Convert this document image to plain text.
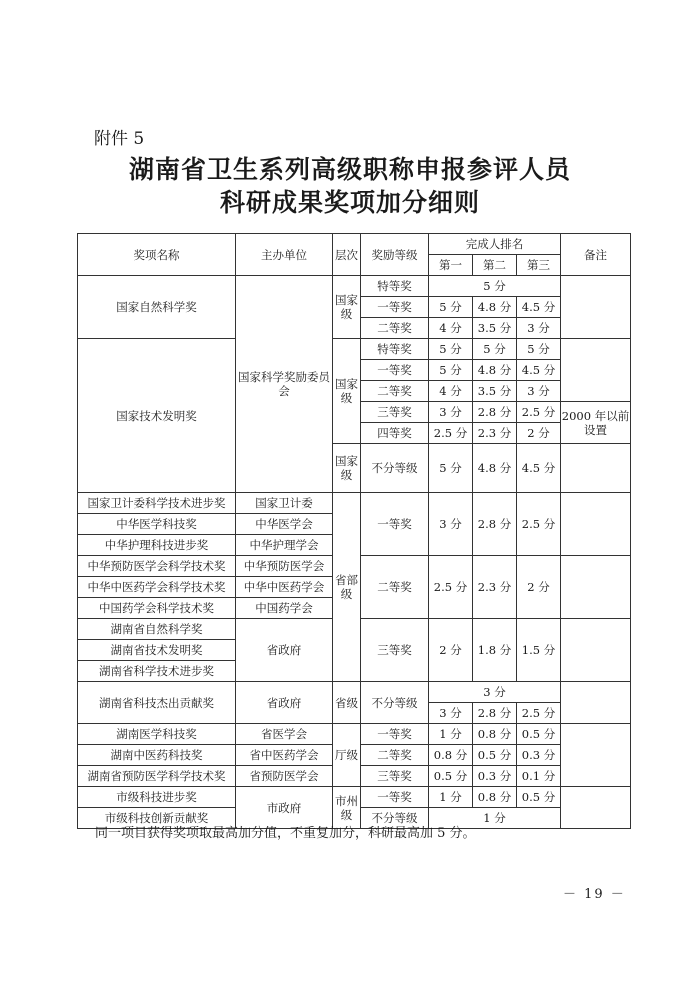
附件 5
湖南省卫生系列高级职称申报参评人员
科研成果奖项加分细则
奖项名称	主办单位	层次	奖励等级	完成人排名			备注
				第一	第二	第三	
国家自然科学奖	国家科学奖励委员会	国家级	特等奖	5 分			
			一等奖	5 分	4.8 分	4.5 分	
			二等奖	4 分	3.5 分	3 分	
国家技术发明奖		国家级	特等奖	5 分	5 分	5 分	
			一等奖	5 分	4.8 分	4.5 分	
			二等奖	4 分	3.5 分	3 分	
			三等奖	3 分	2.8 分	2.5 分	2000 年以前设置
			四等奖	2.5 分	2.3 分	2 分	
		国家级	不分等级	5 分	4.8 分	4.5 分	
国家卫计委科学技术进步奖	国家卫计委	省部级	一等奖	3 分	2.8 分	2.5 分	
中华医学科技奖	中华医学会						
中华护理科技进步奖	中华护理学会						
中华预防医学会科学技术奖	中华预防医学会		二等奖	2.5 分	2.3 分	2 分	
中华中医药学会科学技术奖	中华中医药学会						
中国药学会科学技术奖	中国药学会						
湖南省自然科学奖	省政府		三等奖	2 分	1.8 分	1.5 分	
湖南省技术发明奖							
湖南省科学技术进步奖							
湖南省科技杰出贡献奖	省政府	省级	不分等级	3 分			
				3 分	2.8 分	2.5 分	
湖南医学科技奖	省医学会	厅级	一等奖	1 分	0.8 分	0.5 分	
湖南中医药科技奖	省中医药学会		二等奖	0.8 分	0.5 分	0.3 分	
湖南省预防医学科学技术奖	省预防医学会		三等奖	0.5 分	0.3 分	0.1 分	
市级科技进步奖	市政府	市州级	一等奖	1 分	0.8 分	0.5 分	
市级科技创新贡献奖			不分等级	1 分			
同一项目获得奖项取最高加分值，不重复加分，科研最高加 5 分。
－ 19 －
